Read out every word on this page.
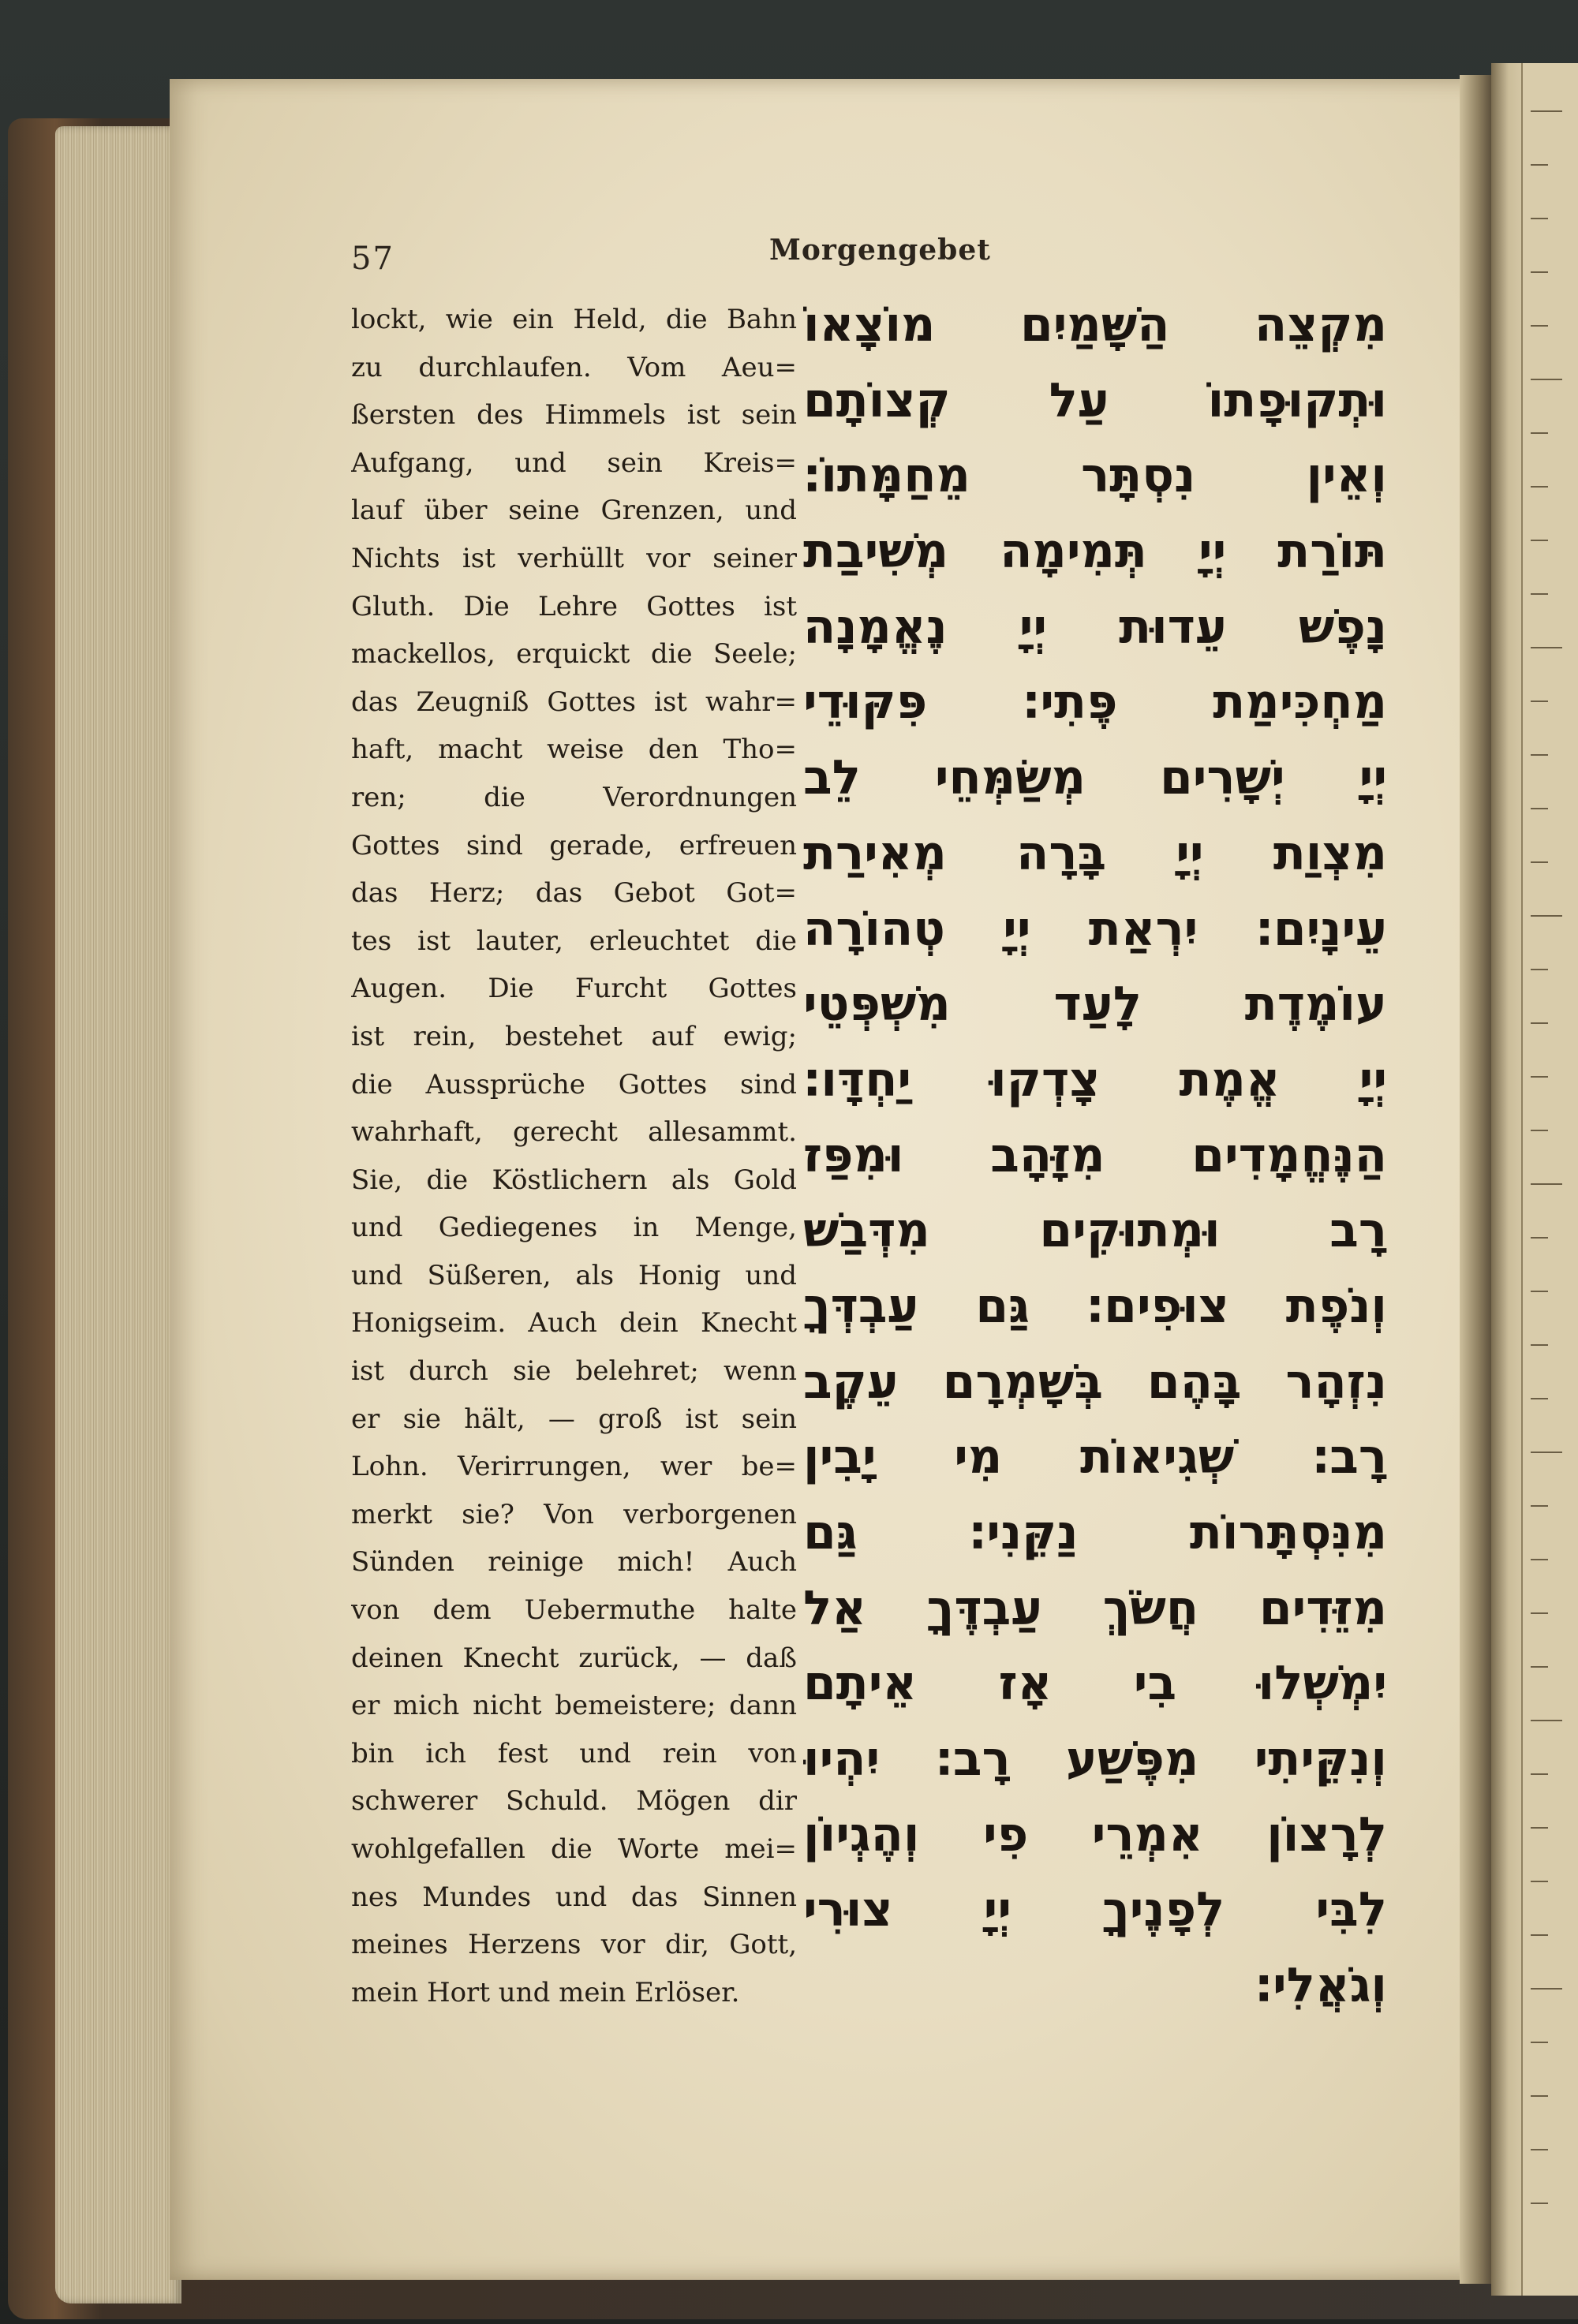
57	Morgengebet
lockt, wie ein Held, die Bahn
zu durchlaufen. Vom Aeu=
ßersten des Himmels ist sein
Aufgang, und sein Kreis=
lauf über seine Grenzen, und
Nichts ist verhüllt vor seiner
Gluth. Die Lehre Gottes ist
mackellos, erquickt die Seele;
das Zeugniß Gottes ist wahr=
haft, macht weise den Tho=
ren; die Verordnungen
Gottes sind gerade, erfreuen
das Herz; das Gebot Got=
tes ist lauter, erleuchtet die
Augen. Die Furcht Gottes
ist rein, bestehet auf ewig;
die Aussprüche Gottes sind
wahrhaft, gerecht allesammt.
Sie, die Köstlichern als Gold
und Gediegenes in Menge,
und Süßeren, als Honig und
Honigseim. Auch dein Knecht
ist durch sie belehret; wenn
er sie hält, — groß ist sein
Lohn. Verirrungen, wer be=
merkt sie? Von verborgenen
Sünden reinige mich! Auch
von dem Uebermuthe halte
deinen Knecht zurück, — daß
er mich nicht bemeistere; dann
bin ich fest und rein von
schwerer Schuld. Mögen dir
wohlgefallen die Worte mei=
nes Mundes und das Sinnen
meines Herzens vor dir, Gott,
mein Hort und mein Erlöser.
מִקְצֵה הַשָּׁמַיִם מוֹצָאוֹ
וּתְקוּפָתוֹ עַל קְצוֹתָם
וְאֵין נִסְתָּר מֵחַמָּתוֹ׃
תּוֹרַת יְיָ תְּמִימָה מְשִׁיבַת
נָפֶשׁ עֵדוּת יְיָ נֶאֱמָנָה
מַחְכִּימַת פֶּתִי׃ פִּקּוּדֵי
יְיָ יְשָׁרִים מְשַׂמְּחֵי לֵב
מִצְוַת יְיָ בָּרָה מְאִירַת
עֵינָיִם׃ יִרְאַת יְיָ טְהוֹרָה
עוֹמֶדֶת לָעַד מִשְׁפְּטֵי
יְיָ אֱמֶת צָדְקוּ יַחְדָּו׃
הַנֶּחֱמָדִים מִזָּהָב וּמִפַּז
רָב וּמְתוּקִים מִדְּבַשׁ
וְנֹפֶת צוּפִים׃ גַּם עַבְדְּךָ
נִזְהָר בָּהֶם בְּשָׁמְרָם עֵקֶב
רָב׃ שְׁגִיאוֹת מִי יָבִין
מִנִּסְתָּרוֹת נַקֵּנִי׃ גַּם
מִזֵּדִים חֲשֹׂךְ עַבְדֶּךָ אַל
יִמְשְׁלוּ בִי אָז אֵיתָם
וְנִקֵּיתִי מִפֶּשַׁע רָב׃ יִהְיוּ
לְרָצוֹן אִמְרֵי פִי וְהֶגְיוֹן
לִבִּי לְפָנֶיךָ יְיָ צוּרִי
וְגֹאֲלִי׃
